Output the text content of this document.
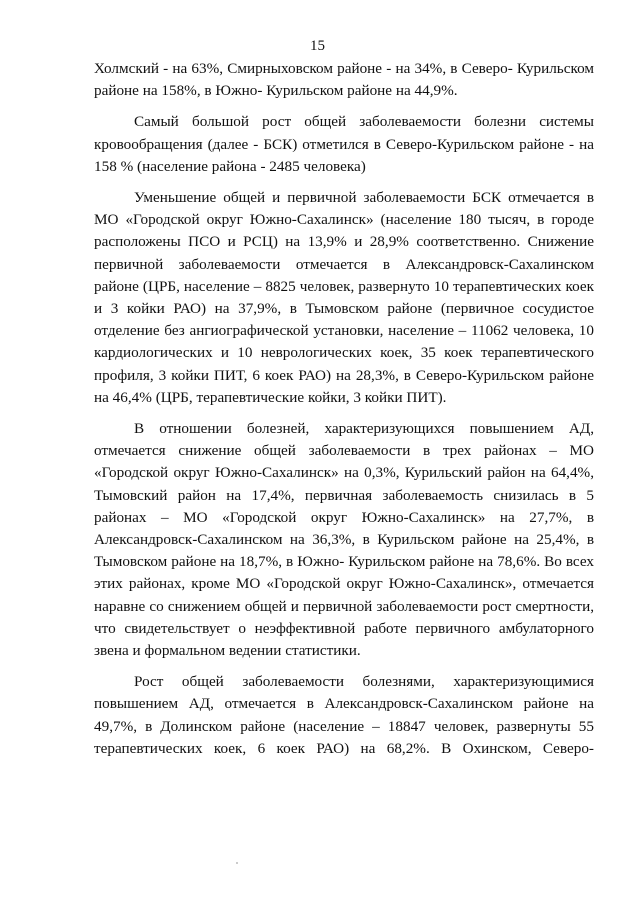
15

Холмский - на 63%, Смирныховском районе - на 34%, в Северо- Курильском районе на 158%, в Южно- Курильском районе на 44,9%.

Самый большой рост общей заболеваемости болезни системы кровообращения (далее - БСК) отметился в Северо-Курильском районе - на 158 % (население района - 2485 человека)

Уменьшение общей и первичной заболеваемости БСК отмечается в МО «Городской округ Южно-Сахалинск» (население 180 тысяч, в городе расположены ПСО и РСЦ) на 13,9% и 28,9% соответственно. Снижение первичной заболеваемости отмечается в Александровск-Сахалинском районе (ЦРБ, население – 8825 человек, развернуто 10 терапевтических коек и 3 койки РАО) на 37,9%, в Тымовском районе (первичное сосудистое отделение без ангиографической установки, население – 11062 человека, 10 кардиологических и 10 неврологических коек, 35 коек терапевтического профиля, 3 койки ПИТ, 6 коек РАО) на 28,3%, в Северо-Курильском районе на 46,4% (ЦРБ, терапевтические койки, 3 койки ПИТ).

В отношении болезней, характеризующихся повышением АД, отмечается снижение общей заболеваемости в трех районах – МО «Городской округ Южно-Сахалинск» на 0,3%, Курильский район на 64,4%, Тымовский район на 17,4%, первичная заболеваемость снизилась в 5 районах – МО «Городской округ Южно-Сахалинск» на 27,7%, в Александровск-Сахалинском на 36,3%, в Курильском районе на 25,4%, в Тымовском районе на 18,7%, в Южно- Курильском районе на 78,6%. Во всех этих районах, кроме МО «Городской округ Южно-Сахалинск», отмечается наравне со снижением общей и первичной заболеваемости рост смертности, что свидетельствует о неэффективной работе первичного амбулаторного звена и формальном ведении статистики.

Рост общей заболеваемости болезнями, характеризующимися повышением АД, отмечается в Александровск-Сахалинском районе на 49,7%, в Долинском районе (население – 18847 человек, развернуты 55 терапевтических коек, 6 коек РАО) на 68,2%. В Охинском, Северо-
